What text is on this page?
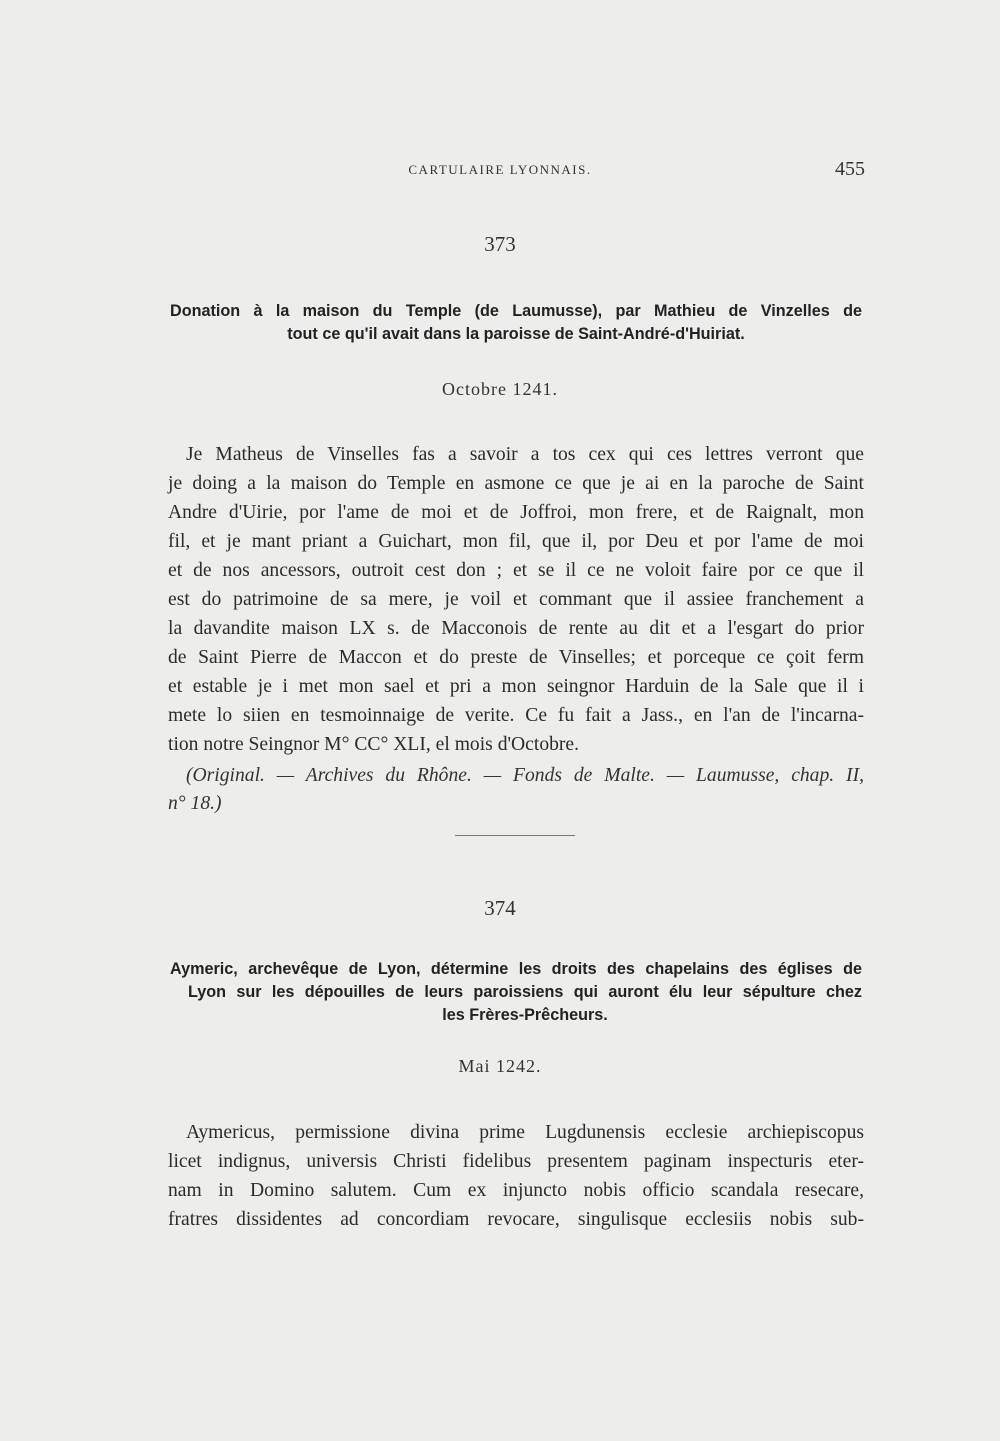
CARTULAIRE LYONNAIS.	455
373
Donation à la maison du Temple (de Laumusse), par Mathieu de Vinzelles de
tout ce qu'il avait dans la paroisse de Saint-André-d'Huiriat.
Octobre 1241.
Je Matheus de Vinselles fas a savoir a tos cex qui ces lettres verront que
je doing a la maison do Temple en asmone ce que je ai en la paroche de Saint
Andre d'Uirie, por l'ame de moi et de Joffroi, mon frere, et de Raignalt, mon
fil, et je mant priant a Guichart, mon fil, que il, por Deu et por l'ame de moi
et de nos ancessors, outroit cest don ; et se il ce ne voloit faire por ce que il
est do patrimoine de sa mere, je voil et commant que il assiee franchement a
la davandite maison LX s. de Macconois de rente au dit et a l'esgart do prior
de Saint Pierre de Maccon et do preste de Vinselles; et porceque ce çoit ferm
et estable je i met mon sael et pri a mon seingnor Harduin de la Sale que il i
mete lo siien en tesmoinnaige de verite. Ce fu fait a Jass., en l'an de l'incarna-
tion notre Seingnor M° CC° XLI, el mois d'Octobre.
(Original. — Archives du Rhône. — Fonds de Malte. — Laumusse, chap. II,
n° 18.)
374
Aymeric, archevêque de Lyon, détermine les droits des chapelains des églises de
Lyon sur les dépouilles de leurs paroissiens qui auront élu leur sépulture chez
les Frères-Prêcheurs.
Mai 1242.
Aymericus, permissione divina prime Lugdunensis ecclesie archiepiscopus
licet indignus, universis Christi fidelibus presentem paginam inspecturis eter-
nam in Domino salutem. Cum ex injuncto nobis officio scandala resecare,
fratres dissidentes ad concordiam revocare, singulisque ecclesiis nobis sub-
